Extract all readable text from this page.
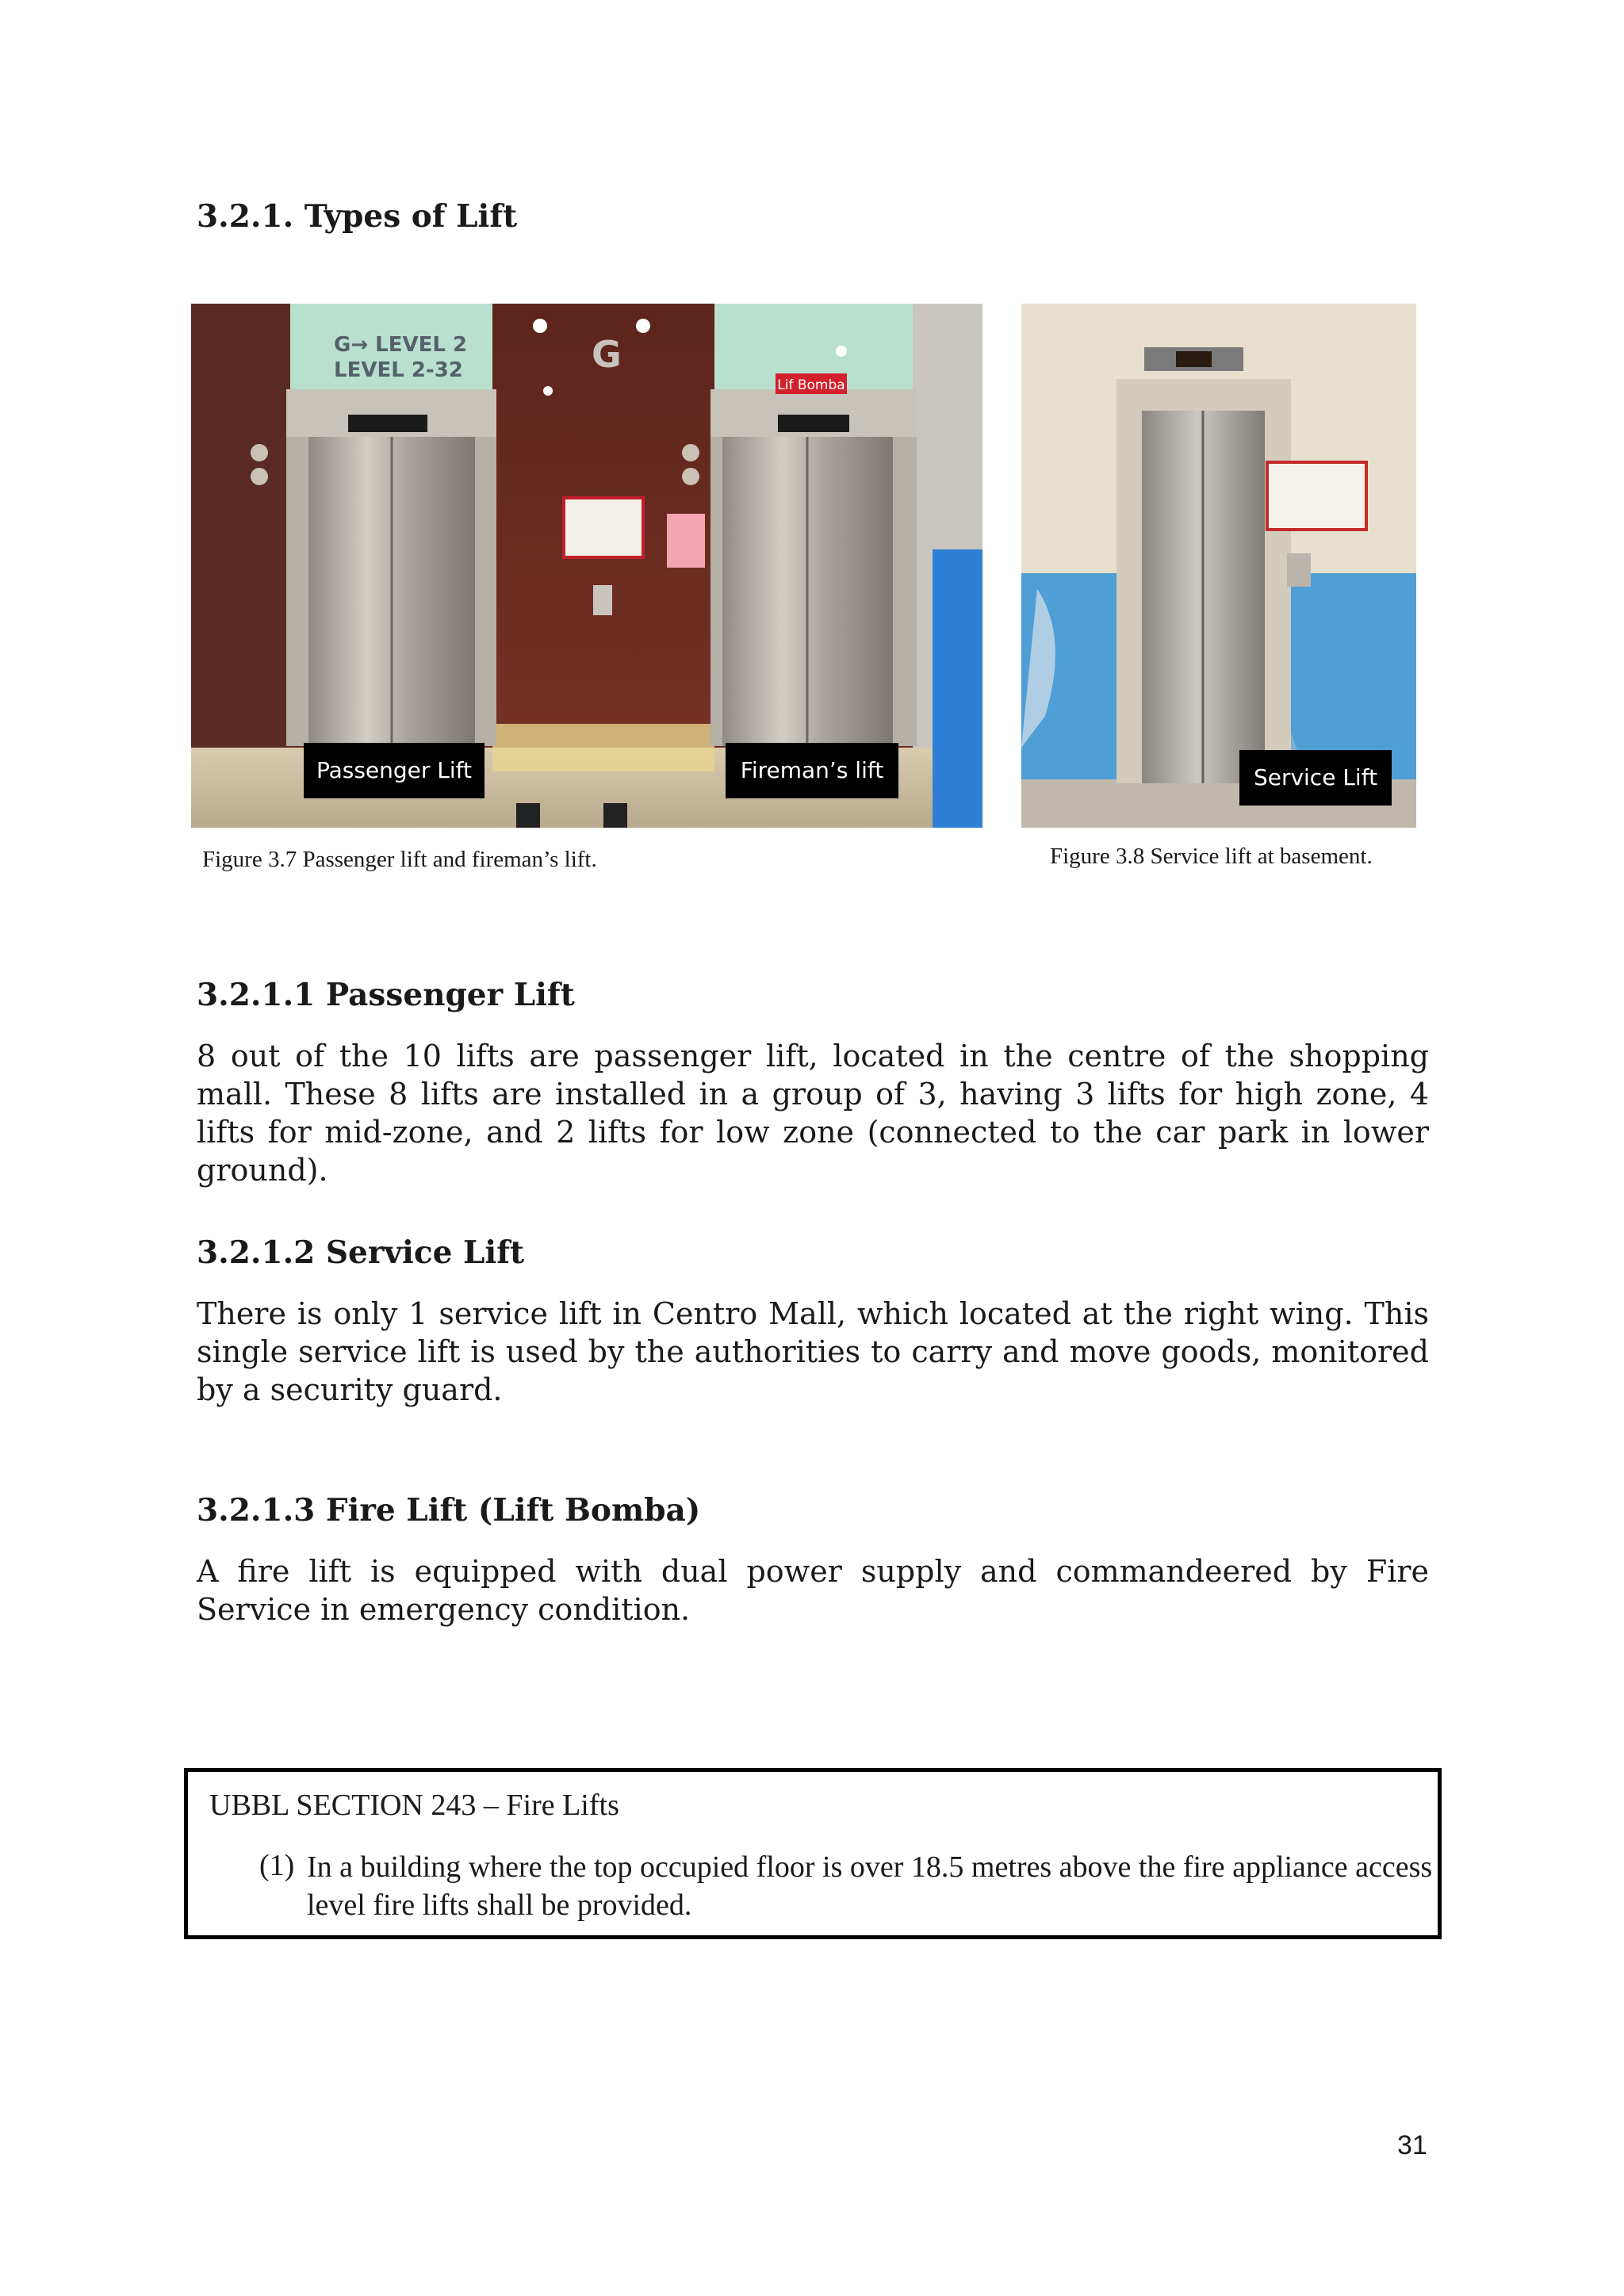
3.2.1. Types of Lift
G→ LEVEL 2
LEVEL 2-32	G
Lif Bomba
Passenger Lift	Fireman’s lift	Service Lift
Figure 3.7 Passenger lift and fireman’s lift.	Figure 3.8 Service lift at basement.
3.2.1.1 Passenger Lift

8 out of the 10 lifts are passenger lift, located in the centre of the shopping mall. These 8 lifts are installed in a group of 3, having 3 lifts for high zone, 4 lifts for mid-zone, and 2 lifts for low zone (connected to the car park in lower ground).

3.2.1.2 Service Lift

There is only 1 service lift in Centro Mall, which located at the right wing. This single service lift is used by the authorities to carry and move goods, monitored by a security guard.

3.2.1.3 Fire Lift (Lift Bomba)

A fire lift is equipped with dual power supply and commandeered by Fire Service in emergency condition.

UBBL SECTION 243 – Fire Lifts
(1) In a building where the top occupied floor is over 18.5 metres above the fire appliance access level fire lifts shall be provided.
31
